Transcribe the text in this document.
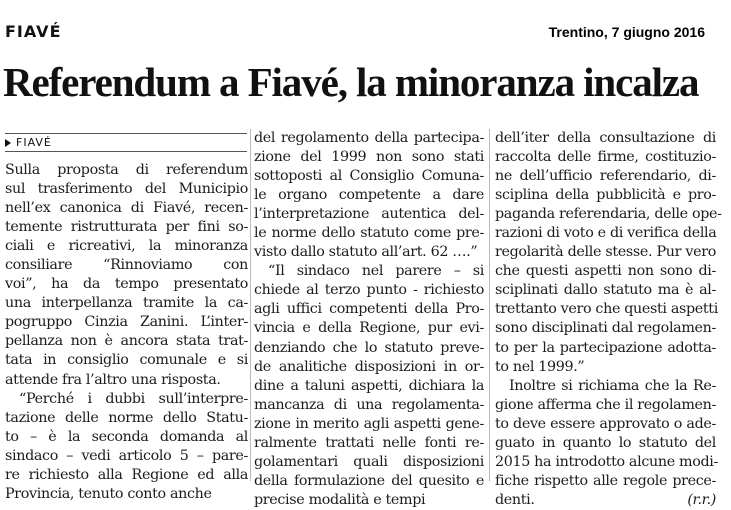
FIAVÉ	Trentino, 7 giugno 2016
Referendum a Fiavé, la minoranza incalza
FIAVÉ
Sulla proposta di referendum
sul trasferimento del Municipio
nell’ex canonica di Fiavé, recen-
temente ristrutturata per fini so-
ciali e ricreativi, la minoranza
consiliare “Rinnoviamo con
voi”, ha da tempo presentato
una interpellanza tramite la ca-
pogruppo Cinzia Zanini. L’inter-
pellanza non è ancora stata trat-
tata in consiglio comunale e si
attende fra l’altro una risposta.
“Perché i dubbi sull’interpre-
tazione delle norme dello Statu-
to – è la seconda domanda al
sindaco – vedi articolo 5 – pare-
re richiesto alla Regione ed alla
Provincia, tenuto conto anche
del regolamento della partecipa-
zione del 1999 non sono stati
sottoposti al Consiglio Comuna-
le organo competente a dare
l’interpretazione autentica del-
le norme dello statuto come pre-
visto dallo statuto all’art. 62 ….”
“Il sindaco nel parere – si
chiede al terzo punto - richiesto
agli uffici competenti della Pro-
vincia e della Regione, pur evi-
denziando che lo statuto preve-
de analitiche disposizioni in or-
dine a taluni aspetti, dichiara la
mancanza di una regolamenta-
zione in merito agli aspetti gene-
ralmente trattati nelle fonti re-
golamentari quali disposizioni
della formulazione del quesito e
precise modalità e tempi
dell’iter della consultazione di
raccolta delle firme, costituzio-
ne dell’ufficio referendario, di-
sciplina della pubblicità e pro-
paganda referendaria, delle ope-
razioni di voto e di verifica della
regolarità delle stesse. Pur vero
che questi aspetti non sono di-
sciplinati dallo statuto ma è al-
trettanto vero che questi aspetti
sono disciplinati dal regolamen-
to per la partecipazione adotta-
to nel 1999.”
Inoltre si richiama che la Re-
gione afferma che il regolamen-
to deve essere approvato o ade-
guato in quanto lo statuto del
2015 ha introdotto alcune modi-
fiche rispetto alle regole prece-
denti.	(r.r.)
